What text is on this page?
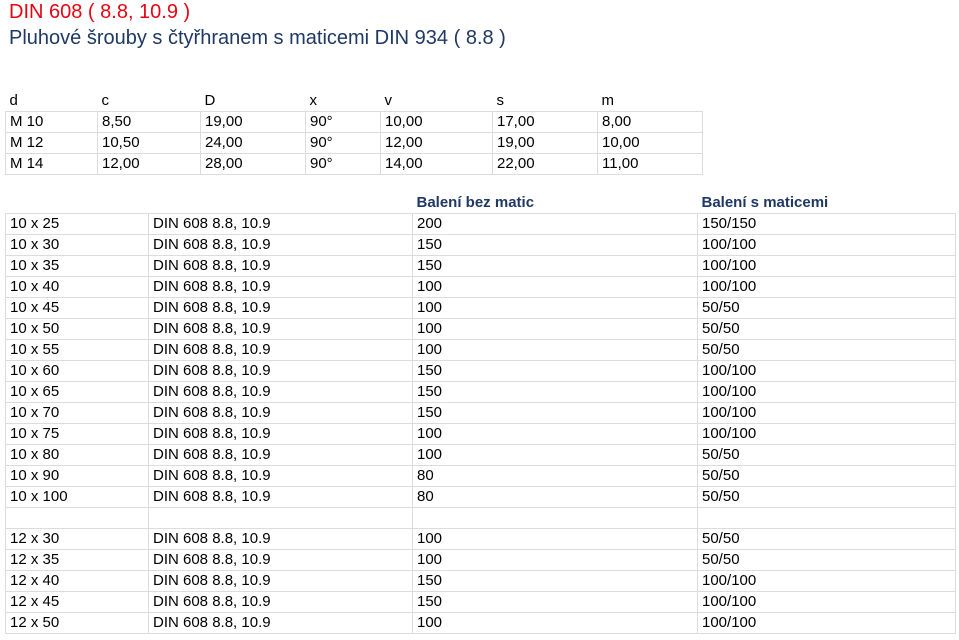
DIN 608 ( 8.8, 10.9 )
Pluhové šrouby s čtyřhranem s maticemi DIN 934 ( 8.8 )
d	c	D	x	v	s	m
M 10	8,50	19,00	90°	10,00	17,00	8,00
M 12	10,50	24,00	90°	12,00	19,00	10,00
M 14	12,00	28,00	90°	14,00	22,00	11,00
		Balení bez matic	Balení s maticemi
10 x 25	DIN 608 8.8, 10.9	200	150/150
10 x 30	DIN 608 8.8, 10.9	150	100/100
10 x 35	DIN 608 8.8, 10.9	150	100/100
10 x 40	DIN 608 8.8, 10.9	100	100/100
10 x 45	DIN 608 8.8, 10.9	100	50/50
10 x 50	DIN 608 8.8, 10.9	100	50/50
10 x 55	DIN 608 8.8, 10.9	100	50/50
10 x 60	DIN 608 8.8, 10.9	150	100/100
10 x 65	DIN 608 8.8, 10.9	150	100/100
10 x 70	DIN 608 8.8, 10.9	150	100/100
10 x 75	DIN 608 8.8, 10.9	100	100/100
10 x 80	DIN 608 8.8, 10.9	100	50/50
10 x 90	DIN 608 8.8, 10.9	80	50/50
10 x 100	DIN 608 8.8, 10.9	80	50/50

12 x 30	DIN 608 8.8, 10.9	100	50/50
12 x 35	DIN 608 8.8, 10.9	100	50/50
12 x 40	DIN 608 8.8, 10.9	150	100/100
12 x 45	DIN 608 8.8, 10.9	150	100/100
12 x 50	DIN 608 8.8, 10.9	100	100/100
